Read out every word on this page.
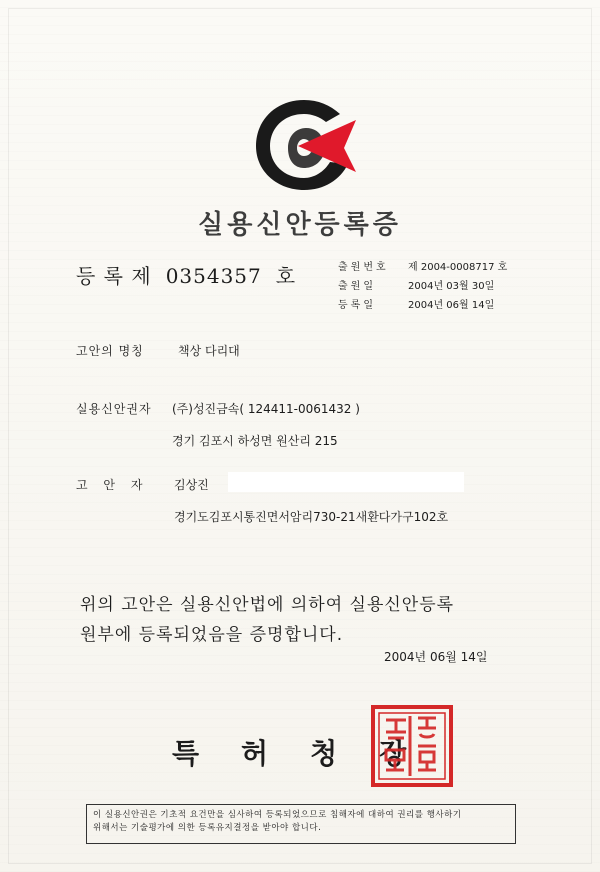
실용신안등록증
등 록 제 0354357 호	출원번호	제 2004-0008717 호
출원일	2004년 03월 30일
등록일	2004년 06월 14일
고안의 명칭	책상 다리대
실용신안권자 (주)성진금속( 124411-0061432 )
경기 김포시 하성면 원산리 215
고 안 자 김상진
경기도김포시통진면서암리730-21새환다가구102호
위의 고안은 실용신안법에 의하여 실용신안등록
원부에 등록되었음을 증명합니다.
2004년 06월 14일
특허청장
이 실용신안권은 기초적 요건만을 심사하여 등록되었으므로 침해자에 대하여 권리를 행사하기
위해서는 기술평가에 의한 등록유지결정을 받아야 합니다.
